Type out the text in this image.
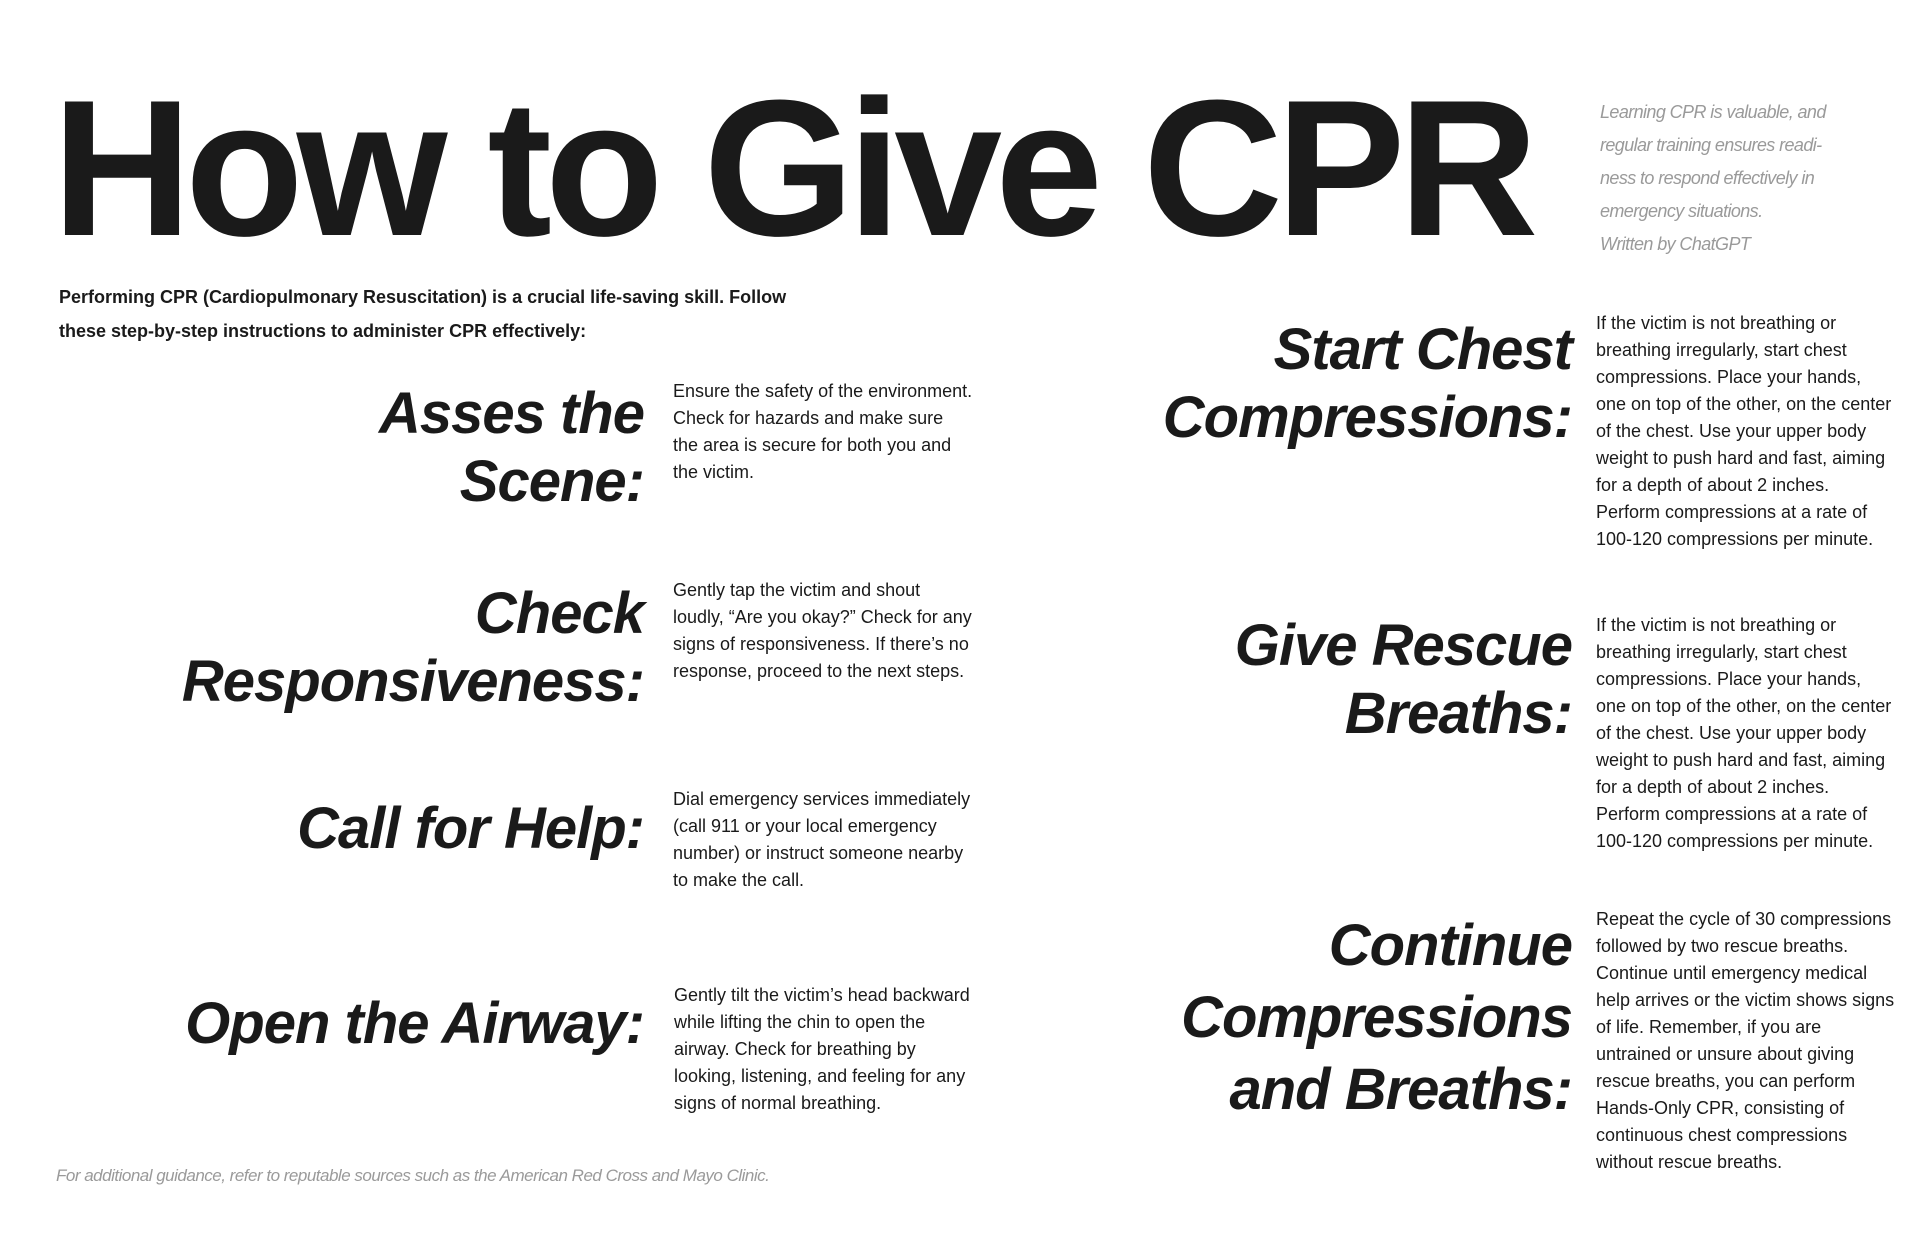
How to Give CPR	Learning CPR is valuable, and
regular training ensures readi-
ness to respond effectively in
emergency situations.
Written by ChatGPT

Performing CPR (Cardiopulmonary Resuscitation) is a crucial life-saving skill. Follow these step-by-step instructions to administer CPR effectively:

Asses the
Scene:

Ensure the safety of the environment. Check for hazards and make sure the area is secure for both you and the victim.

Check
Responsiveness:

Gently tap the victim and shout loudly, “Are you okay?” Check for any signs of responsiveness. If there’s no response, proceed to the next steps.

Call for Help: Dial emergency services immediately (call 911 or your local emergency number) or instruct someone nearby to make the call.

Open the Airway: Gently tilt the victim’s head backward while lifting the chin to open the airway. Check for breathing by looking, listening, and feeling for any signs of normal breathing.

Start Chest
Compressions:

If the victim is not breathing or breathing irregularly, start chest compressions. Place your hands, one on top of the other, on the center of the chest. Use your upper body weight to push hard and fast, aiming for a depth of about 2 inches. Perform compressions at a rate of 100-120 compressions per minute.

Give Rescue
Breaths:

If the victim is not breathing or breathing irregularly, start chest compressions. Place your hands, one on top of the other, on the center of the chest. Use your upper body weight to push hard and fast, aiming for a depth of about 2 inches. Perform compressions at a rate of 100-120 compressions per minute.

Continue
Compressions
and Breaths:

Repeat the cycle of 30 compressions followed by two rescue breaths. Continue until emergency medical help arrives or the victim shows signs of life. Remember, if you are untrained or unsure about giving rescue breaths, you can perform Hands-Only CPR, consisting of continuous chest compressions without rescue breaths.

For additional guidance, refer to reputable sources such as the American Red Cross and Mayo Clinic.
